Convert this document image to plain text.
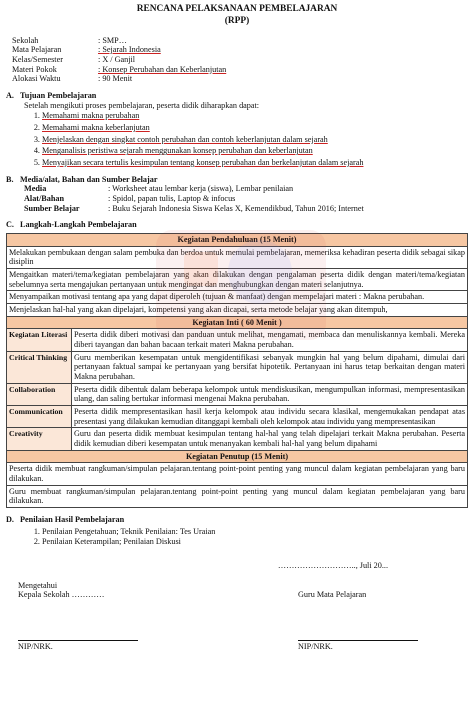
RENCANA PELAKSANAAN PEMBELAJARAN
(RPP)
Sekolah	: SMP…
Mata Pelajaran	: Sejarah Indonesia
Kelas/Semester	: X / Ganjil
Materi Pokok	: Konsep Perubahan dan Keberlanjutan
Alokasi Waktu	: 90 Menit
A. Tujuan Pembelajaran
Setelah mengikuti proses pembelajaran, peserta didik diharapkan dapat:
1. Memahami makna perubahan
2. Memahami makna keberlanjutan
3. Menjelaskan dengan singkat contoh perubahan dan contoh keberlanjutan dalam sejarah
4. Menganalisis peristiwa sejarah menggunakan konsep perubahan dan keberlanjutan
5. Menyajikan secara tertulis kesimpulan tentang konsep perubahan dan berkelanjutan dalam sejarah
B. Media/alat, Bahan dan Sumber Belajar
Media	: Worksheet atau lembar kerja (siswa), Lembar penilaian
Alat/Bahan	: Spidol, papan tulis, Laptop & infocus
Sumber Belajar	: Buku Sejarah Indonesia Siswa Kelas X, Kemendikbud, Tahun 2016; Internet
C. Langkah-Langkah Pembelajaran
Kegiatan Pendahuluan (15 Menit)	
Melakukan pembukaan dengan salam pembuka dan berdoa untuk memulai pembelajaran, memeriksa kehadiran peserta didik sebagai sikap disiplin	
Mengaitkan materi/tema/kegiatan pembelajaran yang akan dilakukan dengan pengalaman peserta didik dengan materi/tema/kegiatan sebelumnya serta mengajukan pertanyaan untuk mengingat dan menghubungkan dengan materi selanjutnya.	
Menyampaikan motivasi tentang apa yang dapat diperoleh (tujuan & manfaat) dengan mempelajari materi : Makna perubahan.	
Menjelaskan hal-hal yang akan dipelajari, kompetensi yang akan dicapai, serta metode belajar yang akan ditempuh,	
Kegiatan Inti ( 60 Menit )	
Kegiatan Literasi	Peserta didik diberi motivasi dan panduan untuk melihat, mengamati, membaca dan menuliskannya kembali. Mereka diberi tayangan dan bahan bacaan terkait materi Makna perubahan.
Critical Thinking	Guru memberikan kesempatan untuk mengidentifikasi sebanyak mungkin hal yang belum dipahami, dimulai dari pertanyaan faktual sampai ke pertanyaan yang bersifat hipotetik. Pertanyaan ini harus tetap berkaitan dengan materi Makna perubahan.
Collaboration	Peserta didik dibentuk dalam beberapa kelompok untuk mendiskusikan, mengumpulkan informasi, mempresentasikan ulang, dan saling bertukar informasi mengenai Makna perubahan.
Communication	Peserta didik mempresentasikan hasil kerja kelompok atau individu secara klasikal, mengemukakan pendapat atas presentasi yang dilakukan kemudian ditanggapi kembali oleh kelompok atau individu yang mempresentasikan
Creativity	Guru dan peserta didik membuat kesimpulan tentang hal-hal yang telah dipelajari terkait Makna perubahan. Peserta didik kemudian diberi kesempatan untuk menanyakan kembali hal-hal yang belum dipahami
Kegiatan Penutup (15 Menit)	
Peserta didik membuat rangkuman/simpulan pelajaran.tentang point-point penting yang muncul dalam kegiatan pembelajaran yang baru dilakukan.	
Guru membuat rangkuman/simpulan pelajaran.tentang point-point penting yang muncul dalam kegiatan pembelajaran yang baru dilakukan.	
D. Penilaian Hasil Pembelajaran
1. Penilaian Pengetahuan; Teknik Penilaian: Tes Uraian
2. Penilaian Keterampilan; Penilaian Diskusi
……………………….., Juli 20...
Mengetahui
Kepala Sekolah …………
NIP/NRK.

Guru Mata Pelajaran
NIP/NRK.
